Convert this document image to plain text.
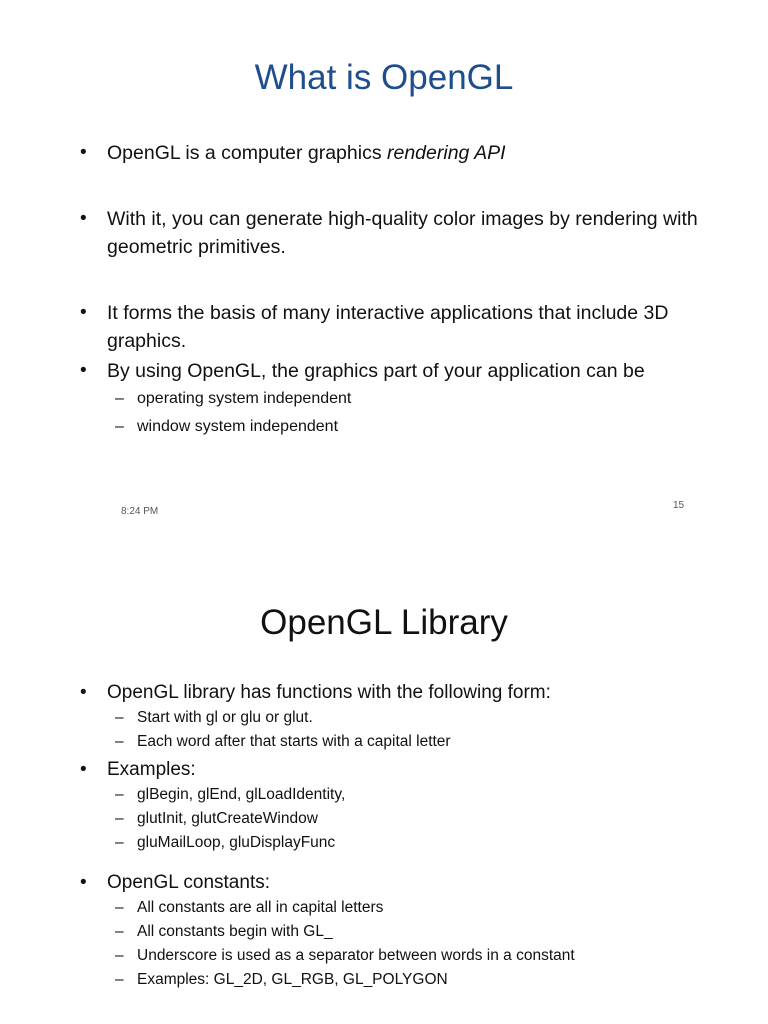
What is OpenGL
• OpenGL is a computer graphics rendering API
• With it, you can generate high-quality color images by rendering with geometric primitives.
• It forms the basis of many interactive applications that include 3D graphics.
• By using OpenGL, the graphics part of your application can be
– operating system independent
– window system independent
8:24 PM
15
OpenGL Library
• OpenGL library has functions with the following form:
– Start with gl or glu or glut.
– Each word after that starts with a capital letter
• Examples:
– glBegin, glEnd, glLoadIdentity,
– glutInit, glutCreateWindow
– gluMailLoop, gluDisplayFunc
• OpenGL constants:
– All constants are all in capital letters
– All constants begin with GL_
– Underscore is used as a separator between words in a constant
– Examples: GL_2D, GL_RGB, GL_POLYGON
